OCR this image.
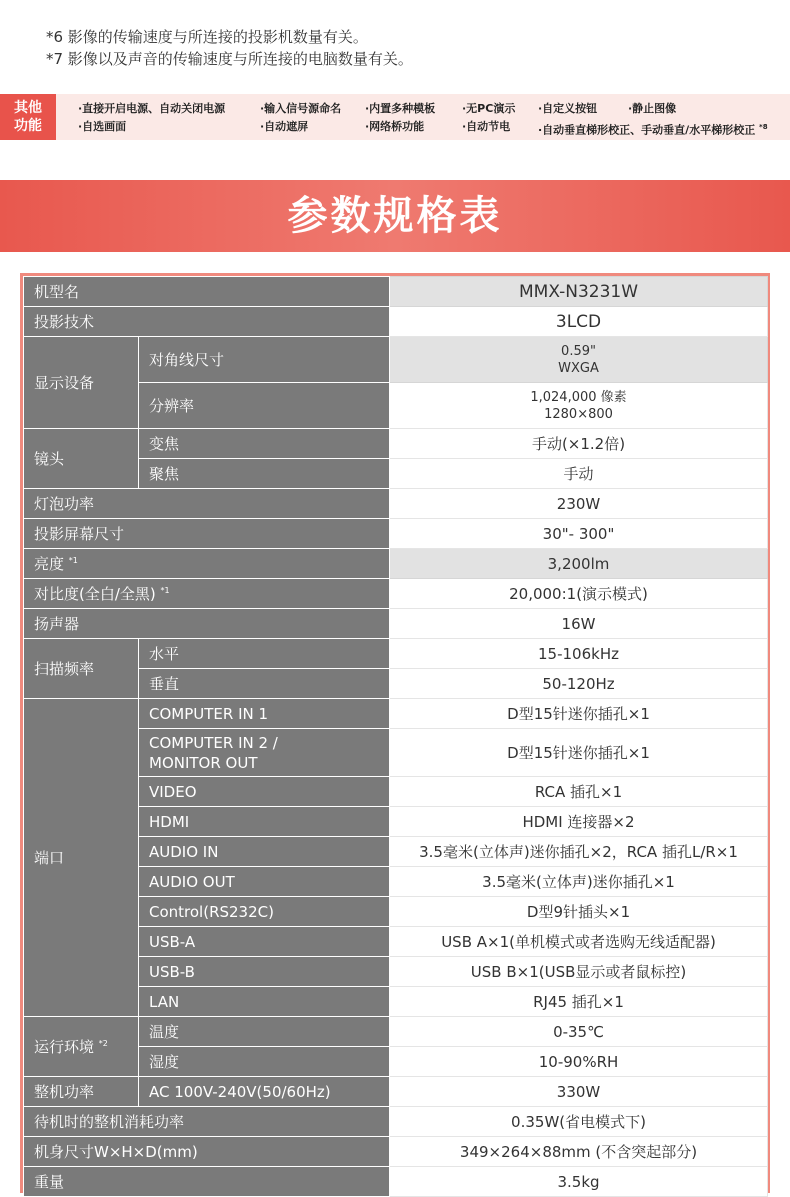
*6 影像的传输速度与所连接的投影机数量有关。
*7 影像以及声音的传输速度与所连接的电脑数量有关。
其他
功能
·直接开启电源、自动关闭电源	·输入信号源命名 ·内置多种模板 ·无PC演示 ·自定义按钮	·静止图像
·自选画面	·自动遮屏	·网络桥功能	·自动节电	·自动垂直梯形校正、手动垂直/水平梯形校正 $^{*8}$
参数规格表
机型名		MMX-N3231W
投影技术		3LCD
显示设备	对角线尺寸	0.59"
WXGA

	分辨率	1,024,000 像素
1280×800

镜头	变焦	手动(×1.2倍)
	聚焦	手动
灯泡功率		230W
投影屏幕尺寸		30"- 300"
亮度 $^{*1}$		3,200lm
对比度(全白/全黑) $^{*1}$		20,000:1(演示模式)
扬声器		16W
扫描频率	水平	15-106kHz
	垂直	50-120Hz
端口	COMPUTER IN 1	D型15针迷你插孔×1

	COMPUTER IN 2 /
MONITOR OUT	D型15针迷你插孔×1
	VIDEO	RCA 插孔×1
	HDMI	HDMI 连接器×2
	AUDIO IN	3.5毫米(立体声)迷你插孔×2，RCA 插孔L/R×1
	AUDIO OUT	3.5毫米(立体声)迷你插孔×1
	Control(RS232C)	D型9针插头×1
	USB-A	USB A×1(单机模式或者选购无线适配器)
	USB-B	USB B×1(USB显示或者鼠标控)
	LAN	RJ45 插孔×1
运行环境 $^{*2}$	温度	0-35℃
	湿度	10-90%RH
整机功率	AC 100V-240V(50/60Hz)	330W
待机时的整机消耗功率		0.35W(省电模式下)
机身尺寸W×H×D(mm)		349×264×88mm (不含突起部分)
重量		3.5kg
